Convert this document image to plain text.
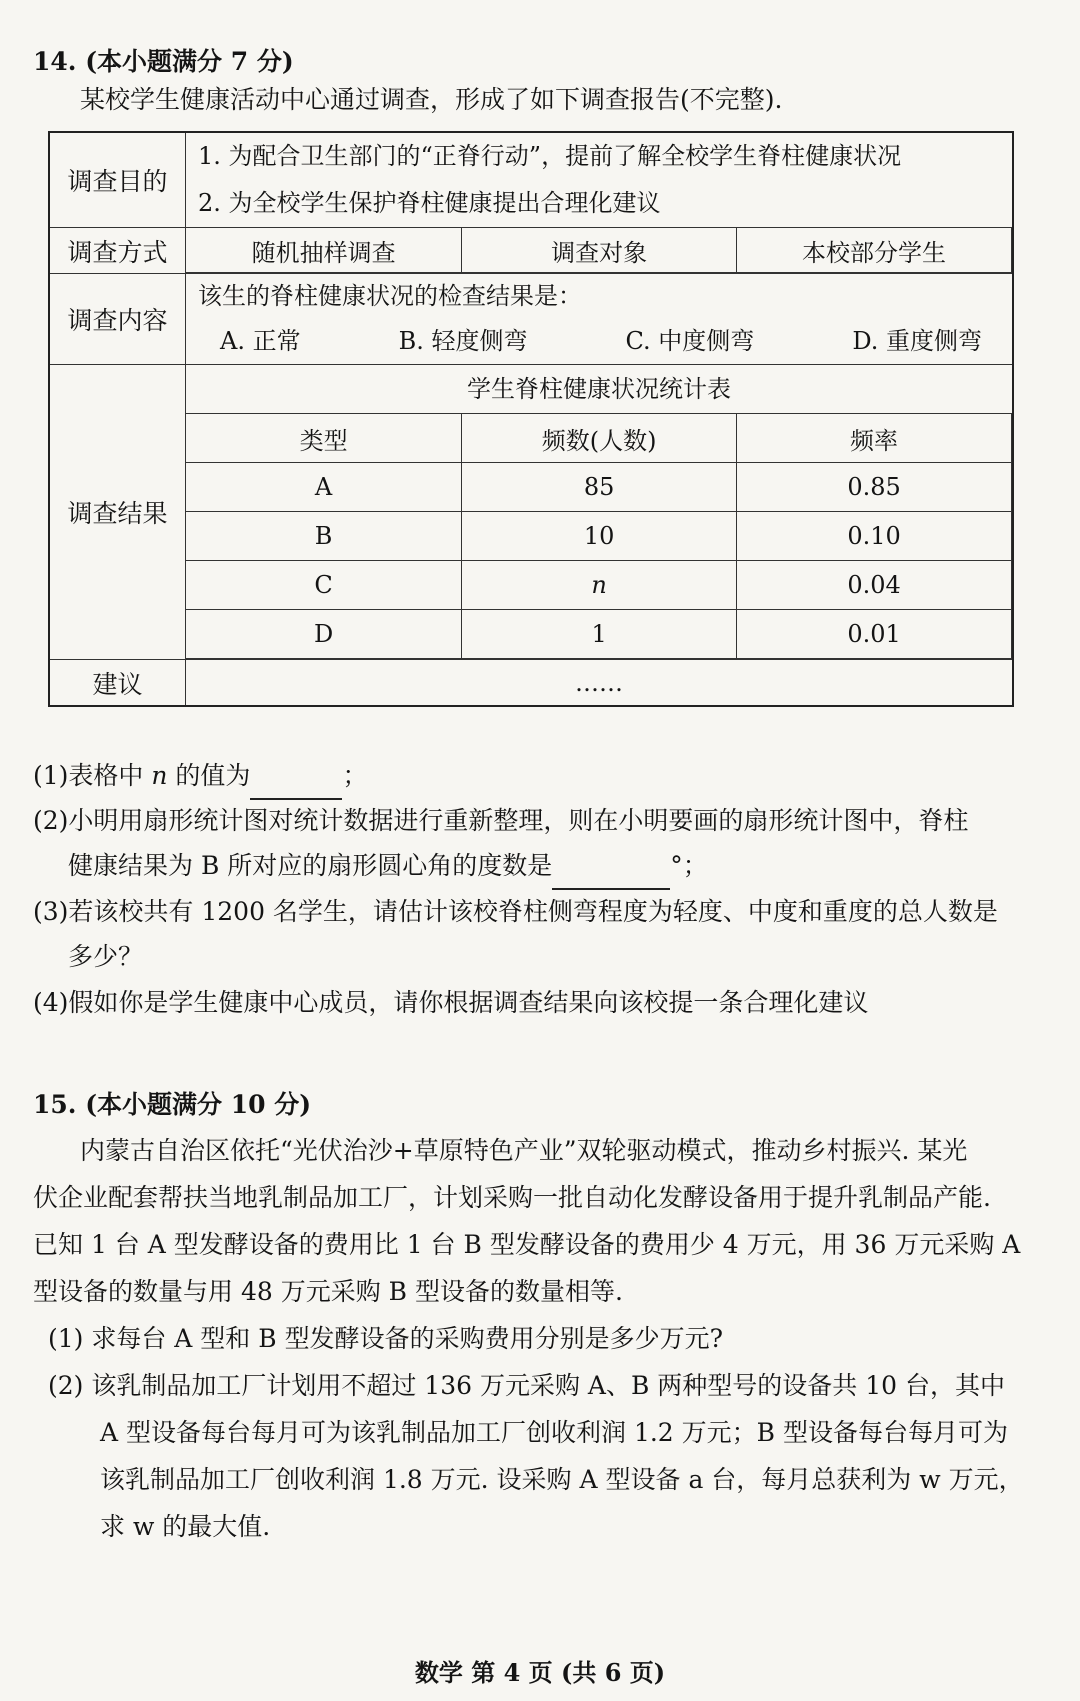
14. (本小题满分 7 分)
某校学生健康活动中心通过调查，形成了如下调查报告(不完整).
调查目的	
1. 为配合卫生部门的“正脊行动”，提前了解全校学生脊柱健康状况
2. 为全校学生保护脊柱健康提出合理化建议

调查方式		随机抽样调查	调查对象	本校部分学生

调查内容	
该生的脊柱健康状况的检查结果是：
A. 正常	B. 轻度侧弯	C. 中度侧弯	D. 重度侧弯

调查结果	
学生脊柱健康状况统计表
类型	频数(人数)	频率
A	85	0.85
B	10	0.10
C	n	0.04
D	1	0.01

建议	……
(1)表格中 n 的值为	；
(2)小明用扇形统计图对统计数据进行重新整理，则在小明要画的扇形统计图中，脊柱
健康结果为 B 所对应的扇形圆心角的度数是	°；
(3)若该校共有 1200 名学生，请估计该校脊柱侧弯程度为轻度、中度和重度的总人数是
多少？
(4)假如你是学生健康中心成员，请你根据调查结果向该校提一条合理化建议
15. (本小题满分 10 分)
内蒙古自治区依托“光伏治沙+草原特色产业”双轮驱动模式，推动乡村振兴. 某光
伏企业配套帮扶当地乳制品加工厂，计划采购一批自动化发酵设备用于提升乳制品产能.
已知 1 台 A 型发酵设备的费用比 1 台 B 型发酵设备的费用少 4 万元，用 36 万元采购 A
型设备的数量与用 48 万元采购 B 型设备的数量相等.
(1) 求每台 A 型和 B 型发酵设备的采购费用分别是多少万元?
(2) 该乳制品加工厂计划用不超过 136 万元采购 A、B 两种型号的设备共 10 台，其中
A 型设备每台每月可为该乳制品加工厂创收利润 1.2 万元；B 型设备每台每月可为
该乳制品加工厂创收利润 1.8 万元. 设采购 A 型设备 a 台，每月总获利为 w 万元，
求 w 的最大值.
数学 第 4 页 (共 6 页)
